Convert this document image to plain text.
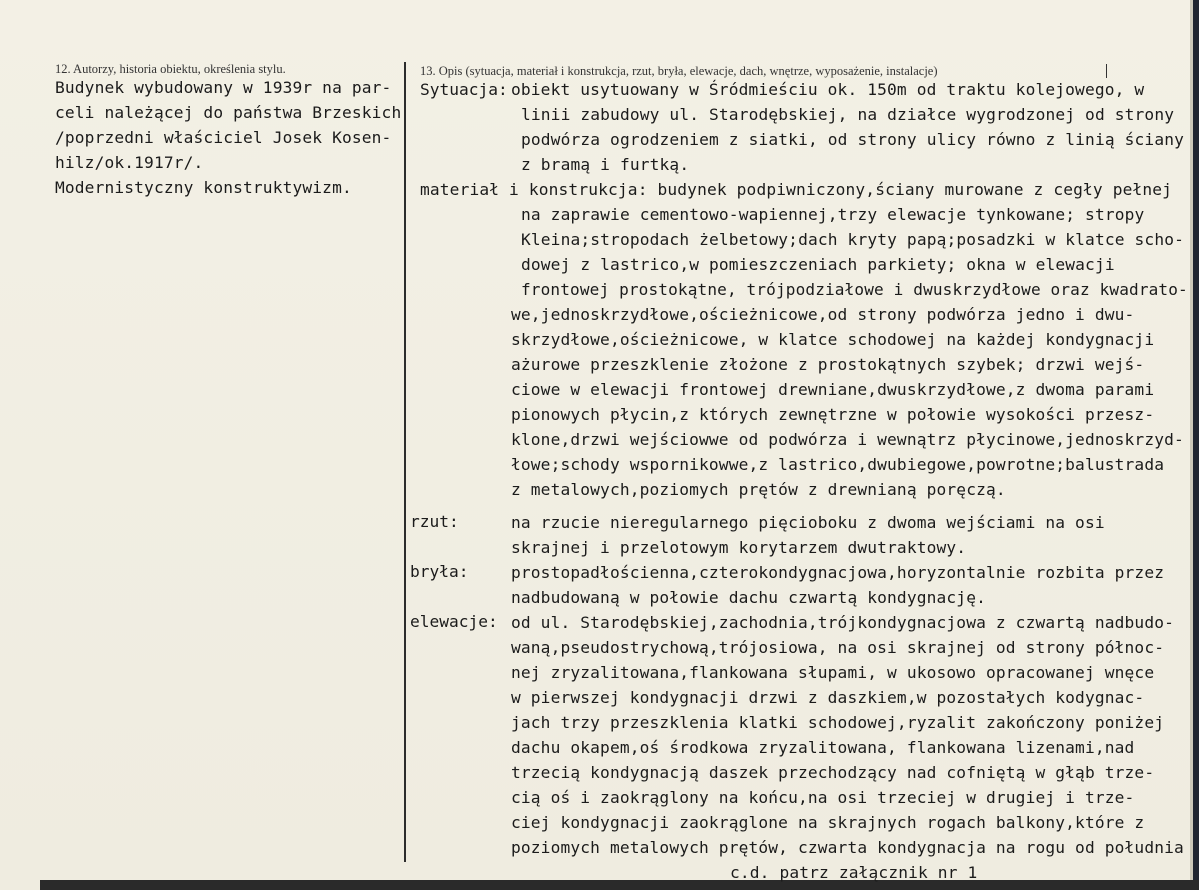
12. Autorzy, historia obiektu, określenia stylu.
Budynek wybudowany w 1939r na par-
celi należącej do państwa Brzeskich
/poprzedni właściciel Josek Kosen-
hilz/ok.1917r/.
Modernistyczny konstruktywizm.
13. Opis (sytuacja, materiał i konstrukcja, rzut, bryła, elewacje, dach, wnętrze, wyposażenie, instalacje)
Sytuacja: obiekt usytuowany w Śródmieściu ok. 150m od traktu kolejowego, w
linii zabudowy ul. Starodębskiej, na działce wygrodzonej od strony
podwórza ogrodzeniem z siatki, od strony ulicy równo z linią ściany
z bramą i furtką.
materiał i konstrukcja: budynek podpiwniczony,ściany murowane z cegły pełnej
na zaprawie cementowo-wapiennej,trzy elewacje tynkowane; stropy
Kleina;stropodach żelbetowy;dach kryty papą;posadzki w klatce scho-
dowej z lastrico,w pomieszczeniach parkiety; okna w elewacji
frontowej prostokątne, trójpodziałowe i dwuskrzydłowe oraz kwadrato-
we,jednoskrzydłowe,ościeżnicowe,od strony podwórza jedno i dwu-
skrzydłowe,ościeżnicowe, w klatce schodowej na każdej kondygnacji
ażurowe przeszklenie złożone z prostokątnych szybek; drzwi wejś-
ciowe w elewacji frontowej drewniane,dwuskrzydłowe,z dwoma parami
pionowych płycin,z których zewnętrzne w połowie wysokości przesz-
klone,drzwi wejściowwe od podwórza i wewnątrz płycinowe,jednoskrzyd-
łowe;schody wspornikowwe,z lastrico,dwubiegowe,powrotne;balustrada
z metalowych,poziomych prętów z drewnianą poręczą.
rzut:	na rzucie nieregularnego pięcioboku z dwoma wejściami na osi
skrajnej i przelotowym korytarzem dwutraktowy.
bryła:	prostopadłościenna,czterokondygnacjowa,horyzontalnie rozbita przez
nadbudowaną w połowie dachu czwartą kondygnację.
elewacje: od ul. Starodębskiej,zachodnia,trójkondygnacjowa z czwartą nadbudo-
waną,pseudostrychową,trójosiowa, na osi skrajnej od strony północ-
nej zryzalitowana,flankowana słupami, w ukosowo opracowanej wnęce
w pierwszej kondygnacji drzwi z daszkiem,w pozostałych kodygnac-
jach trzy przeszklenia klatki schodowej,ryzalit zakończony poniżej
dachu okapem,oś środkowa zryzalitowana, flankowana lizenami,nad
trzecią kondygnacją daszek przechodzący nad cofniętą w głąb trze-
cią oś i zaokrąglony na końcu,na osi trzeciej w drugiej i trze-
ciej kondygnacji zaokrąglone na skrajnych rogach balkony,które z
poziomych metalowych prętów, czwarta kondygnacja na rogu od południa
c.d. patrz załącznik nr 1
